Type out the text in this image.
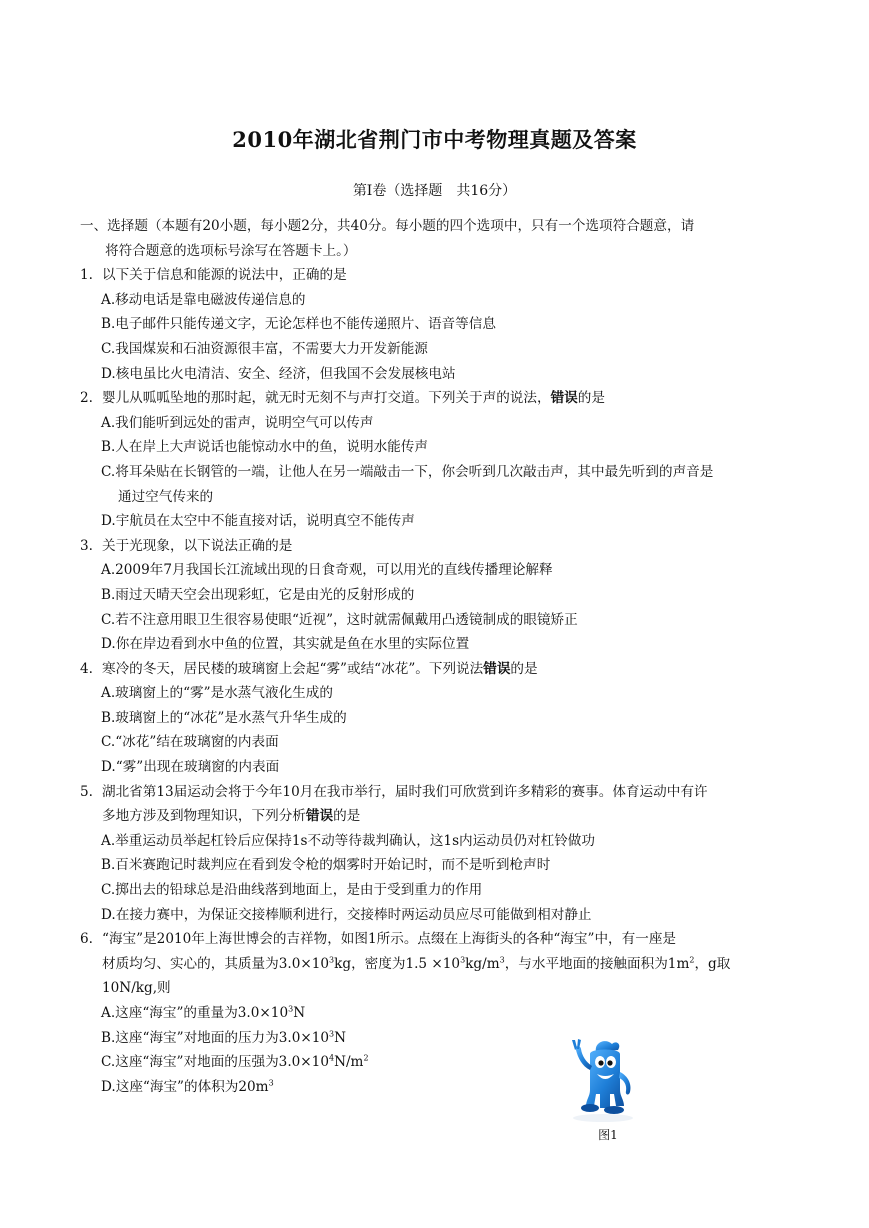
2010年湖北省荆门市中考物理真题及答案
第Ⅰ卷（选择题　共16分）

一、选择题（本题有20小题，每小题2分，共40分。每小题的四个选项中，只有一个选项符合题意，请
将符合题意的选项标号涂写在答题卡上。）

1. 以下关于信息和能源的说法中，正确的是

A.移动电话是靠电磁波传递信息的

B.电子邮件只能传递文字，无论怎样也不能传递照片、语音等信息

C.我国煤炭和石油资源很丰富，不需要大力开发新能源

D.核电虽比火电清洁、安全、经济，但我国不会发展核电站

2. 婴儿从呱呱坠地的那时起，就无时无刻不与声打交道。下列关于声的说法，错误的是

A.我们能听到远处的雷声，说明空气可以传声

B.人在岸上大声说话也能惊动水中的鱼，说明水能传声

C.将耳朵贴在长钢管的一端，让他人在另一端敲击一下，你会听到几次敲击声，其中最先听到的声音是
通过空气传来的

D.宇航员在太空中不能直接对话，说明真空不能传声

3. 关于光现象，以下说法正确的是

A.2009年7月我国长江流域出现的日食奇观，可以用光的直线传播理论解释

B.雨过天晴天空会出现彩虹，它是由光的反射形成的

C.若不注意用眼卫生很容易使眼“近视”，这时就需佩戴用凸透镜制成的眼镜矫正

D.你在岸边看到水中鱼的位置，其实就是鱼在水里的实际位置

4. 寒冷的冬天，居民楼的玻璃窗上会起“雾”或结“冰花”。下列说法错误的是

A.玻璃窗上的“雾”是水蒸气液化生成的

B.玻璃窗上的“冰花”是水蒸气升华生成的

C.“冰花”结在玻璃窗的内表面

D.“雾”出现在玻璃窗的内表面

5. 湖北省第13届运动会将于今年10月在我市举行，届时我们可欣赏到许多精彩的赛事。体育运动中有许
多地方涉及到物理知识，下列分析错误的是

A.举重运动员举起杠铃后应保持1s不动等待裁判确认，这1s内运动员仍对杠铃做功

B.百米赛跑记时裁判应在看到发令枪的烟雾时开始记时，而不是听到枪声时

C.掷出去的铅球总是沿曲线落到地面上，是由于受到重力的作用

D.在接力赛中，为保证交接棒顺利进行，交接棒时两运动员应尽可能做到相对静止

6. “海宝”是2010年上海世博会的吉祥物，如图1所示。点缀在上海街头的各种“海宝”中，有一座是
材质均匀、实心的，其质量为$3.0\times 10^3kg$，密度为$1.5 \times 10^3kg/m^3$，与水平地面的接触面积为$1m^2$，g取
10N/kg,则

A.这座“海宝”的重量为$3.0\times 10^3N$

B.这座“海宝”对地面的压力为$3.0\times 10^3N$

C.这座“海宝”对地面的压强为$3.0\times 10^4N/m^2$

D.这座“海宝”的体积为$20m^3$

图1
